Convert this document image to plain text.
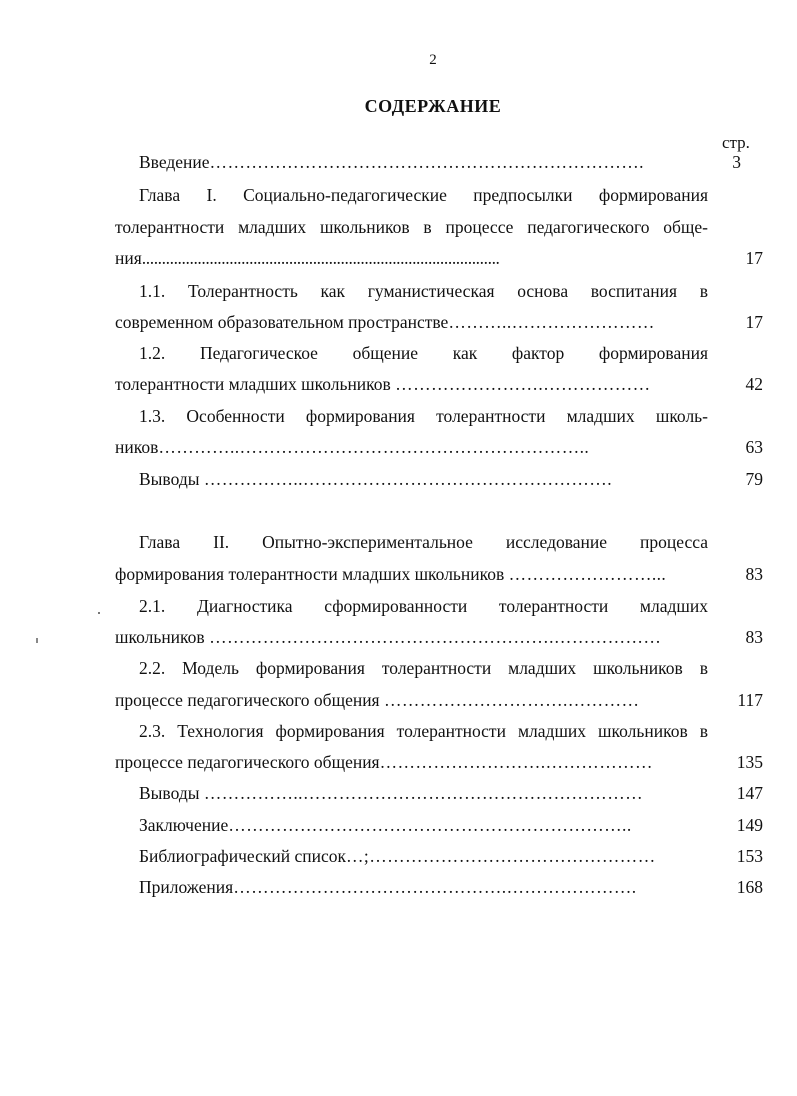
2
СОДЕРЖАНИЕ
стр.
Введение……………………………………………………………….	3
Глава I. Социально-педагогические предпосылки формирования
толерантности младших школьников в процессе педагогического обще-
ния..........................................................................................	17
1.1. Толерантность как гуманистическая основа воспитания в
современном образовательном пространстве………..……………………	17
1.2. Педагогическое общение как фактор формирования
толерантности младших школьников …………………….………………	42
1.3. Особенности формирования толерантности младших школь-
ников…………..…………………………………………………..	63
Выводы ……………..…………………………………………….	79
Глава II. Опытно-экспериментальное исследование процесса
формирования толерантности младших школьников ……………………...	83
2.1. Диагностика сформированности толерантности младших
школьников ………………………………………………….………………	83
2.2. Модель формирования толерантности младших школьников в
процессе педагогического общения ………………………….…………	117
2.3. Технология формирования толерантности младших школьников в
процессе педагогического общения……………………….………………	135
Выводы ……………..…………………………………………………	147
Заключение…………………………………………………………..	149
Библиографический список…;…………………………………………	153
Приложения……………………………………….………………….	168
